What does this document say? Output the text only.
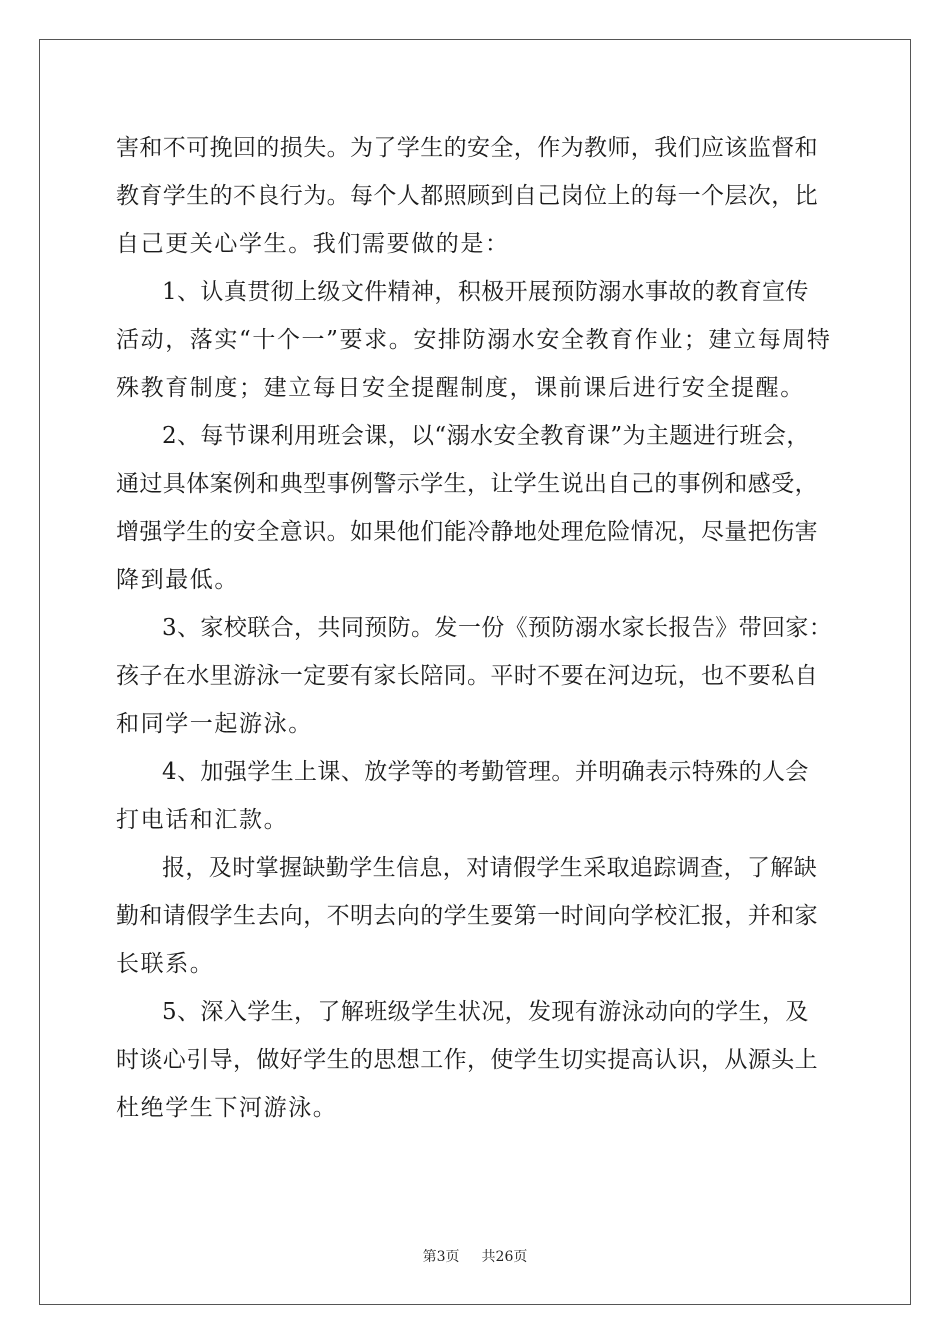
害和不可挽回的损失。为了学生的安全，作为教师，我们应该监督和
教育学生的不良行为。每个人都照顾到自己岗位上的每一个层次，比
自己更关心学生。我们需要做的是：
1、认真贯彻上级文件精神，积极开展预防溺水事故的教育宣传
活动，落实“十个一”要求。安排防溺水安全教育作业；建立每周特
殊教育制度；建立每日安全提醒制度，课前课后进行安全提醒。
2、每节课利用班会课，以“溺水安全教育课”为主题进行班会，
通过具体案例和典型事例警示学生，让学生说出自己的事例和感受，
增强学生的安全意识。如果他们能冷静地处理危险情况，尽量把伤害
降到最低。
3、家校联合，共同预防。发一份《预防溺水家长报告》带回家：
孩子在水里游泳一定要有家长陪同。平时不要在河边玩，也不要私自
和同学一起游泳。
4、加强学生上课、放学等的考勤管理。并明确表示特殊的人会
打电话和汇款。
报，及时掌握缺勤学生信息，对请假学生采取追踪调查，了解缺
勤和请假学生去向，不明去向的学生要第一时间向学校汇报，并和家
长联系。
5、深入学生，了解班级学生状况，发现有游泳动向的学生，及
时谈心引导，做好学生的思想工作，使学生切实提高认识，从源头上
杜绝学生下河游泳。
第3页 共26页
